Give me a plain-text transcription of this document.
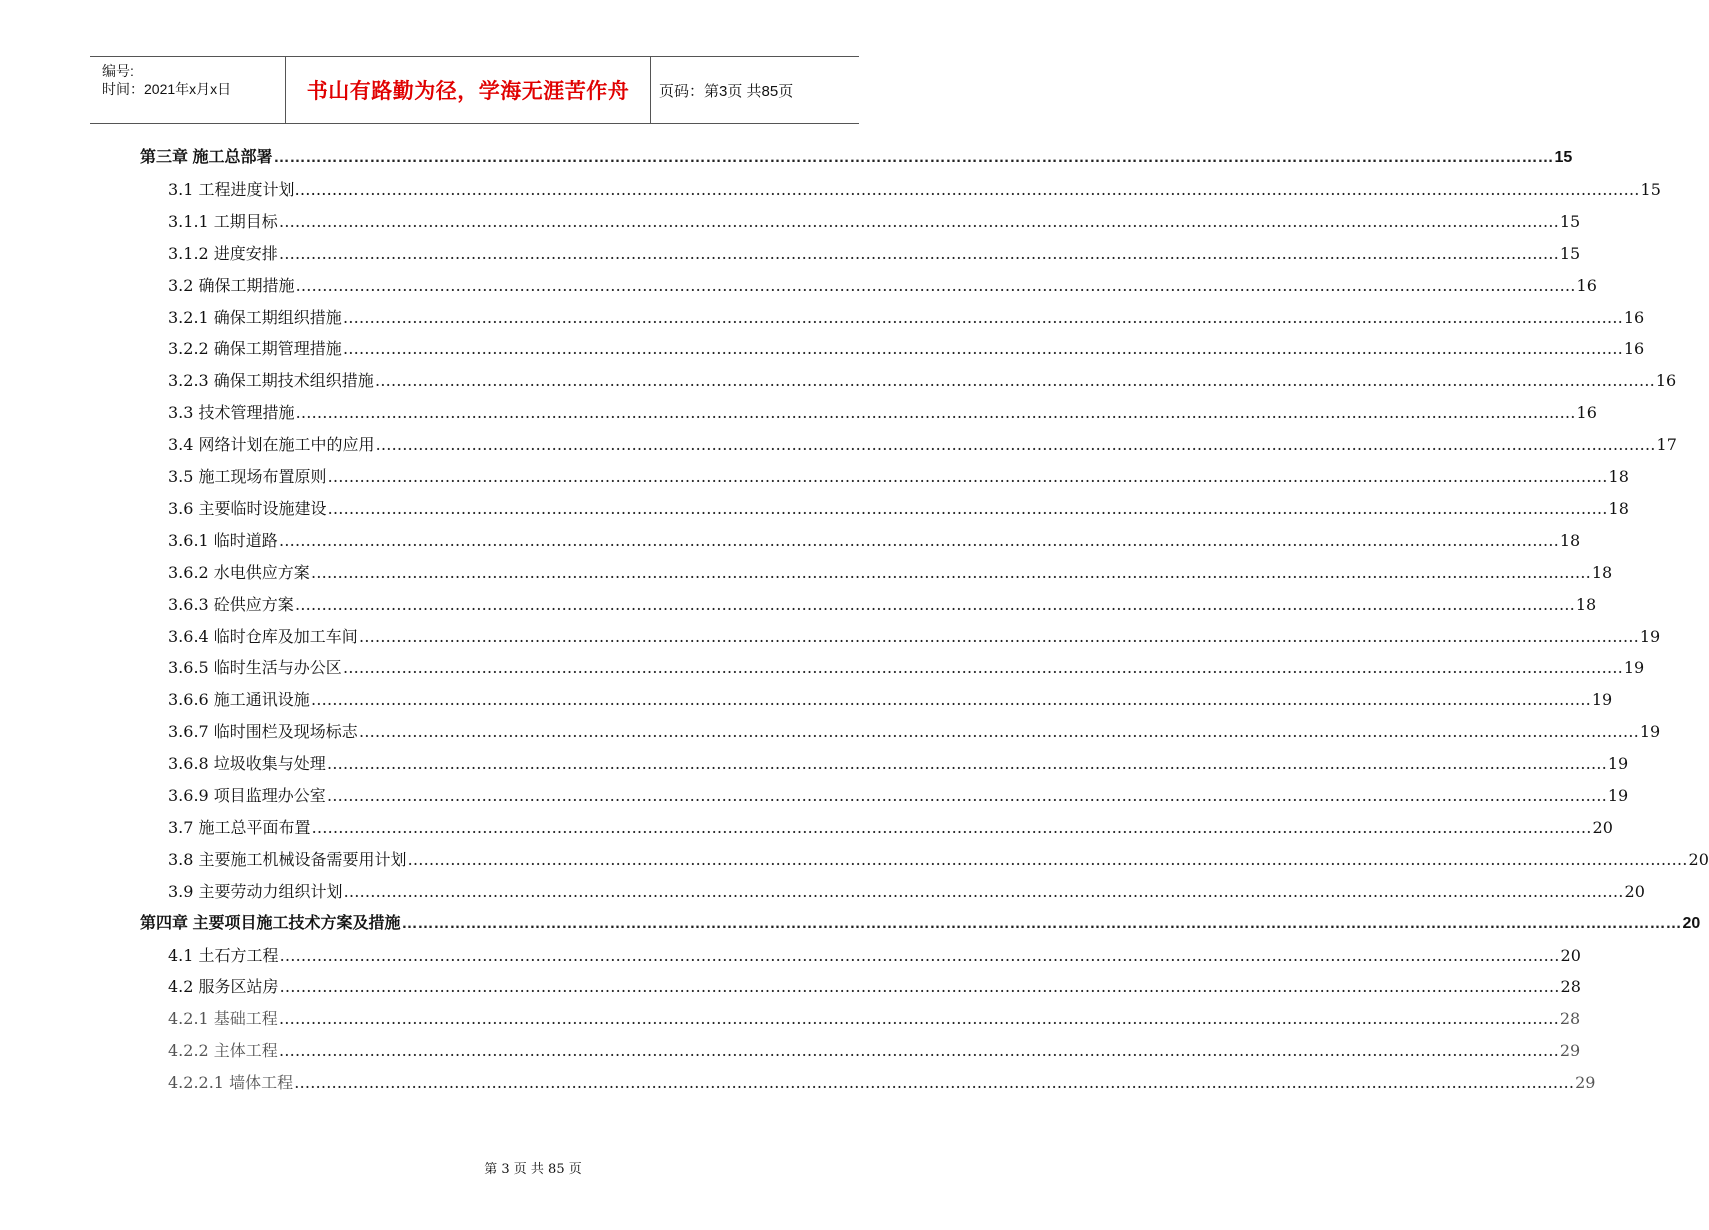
编号:
时间：2021年x月x日	书山有路勤为径，学海无涯苦作舟	页码：第3页 共85页
第三章 施工总部署 …………………………………………………………………………………………………………………………………………………………………………………………………………………… 15
3.1 工程进度计划………… …………………………………………………………………………………………………………………………………………………………………………………………………………………… 15
3.1.1 工期目标 …………………………………………………………………………………………………………………………………………………………………………………………………………………… 15
3.1.2 进度安排 …………………………………………………………………………………………………………………………………………………………………………………………………………………… 15
3.2 确保工期措施 …………………………………………………………………………………………………………………………………………………………………………………………………………………… 16
3.2.1 确保工期组织措施 …………………………………………………………………………………………………………………………………………………………………………………………………………………… 16
3.2.2 确保工期管理措施 …………………………………………………………………………………………………………………………………………………………………………………………………………………… 16
3.2.3 确保工期技术组织措施 …………………………………………………………………………………………………………………………………………………………………………………………………………………… 16
3.3 技术管理措施 …………………………………………………………………………………………………………………………………………………………………………………………………………………… 16
3.4 网络计划在施工中的应用 …………………………………………………………………………………………………………………………………………………………………………………………………………………… 17
3.5 施工现场布置原则 …………………………………………………………………………………………………………………………………………………………………………………………………………………… 18
3.6 主要临时设施建设 …………………………………………………………………………………………………………………………………………………………………………………………………………………… 18
3.6.1 临时道路 …………………………………………………………………………………………………………………………………………………………………………………………………………………… 18
3.6.2 水电供应方案 …………………………………………………………………………………………………………………………………………………………………………………………………………………… 18
3.6.3 砼供应方案 …………………………………………………………………………………………………………………………………………………………………………………………………………………… 18
3.6.4 临时仓库及加工车间 …………………………………………………………………………………………………………………………………………………………………………………………………………………… 19
3.6.5 临时生活与办公区 …………………………………………………………………………………………………………………………………………………………………………………………………………………… 19
3.6.6 施工通讯设施 …………………………………………………………………………………………………………………………………………………………………………………………………………………… 19
3.6.7 临时围栏及现场标志 …………………………………………………………………………………………………………………………………………………………………………………………………………………… 19
3.6.8 垃圾收集与处理 …………………………………………………………………………………………………………………………………………………………………………………………………………………… 19
3.6.9 项目监理办公室 …………………………………………………………………………………………………………………………………………………………………………………………………………………… 19
3.7 施工总平面布置 …………………………………………………………………………………………………………………………………………………………………………………………………………………… 20
3.8 主要施工机械设备需要用计划 …………………………………………………………………………………………………………………………………………………………………………………………………………………… 20
3.9 主要劳动力组织计划 …………………………………………………………………………………………………………………………………………………………………………………………………………………… 20
第四章 主要项目施工技术方案及措施 …………………………………………………………………………………………………………………………………………………………………………………………………………………… 20
4.1 土石方工程 …………………………………………………………………………………………………………………………………………………………………………………………………………………… 20
4.2 服务区站房 …………………………………………………………………………………………………………………………………………………………………………………………………………………… 28
4.2.1 基础工程 …………………………………………………………………………………………………………………………………………………………………………………………………………………… 28
4.2.2 主体工程 …………………………………………………………………………………………………………………………………………………………………………………………………………………… 29
4.2.2.1 墙体工程 …………………………………………………………………………………………………………………………………………………………………………………………………………………… 29
第 3 页 共 85 页
